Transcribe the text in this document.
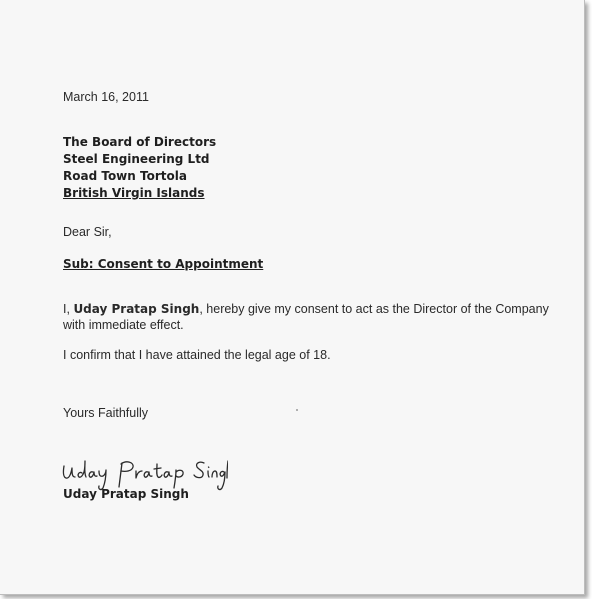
March 16, 2011
The Board of Directors
Steel Engineering Ltd
Road Town Tortola
British Virgin Islands
Dear Sir,
Sub: Consent to Appointment
I, Uday Pratap Singh, hereby give my consent to act as the Director of the Company with immediate effect.
I confirm that I have attained the legal age of 18.
Yours Faithfully
Uday Pratap Singh
